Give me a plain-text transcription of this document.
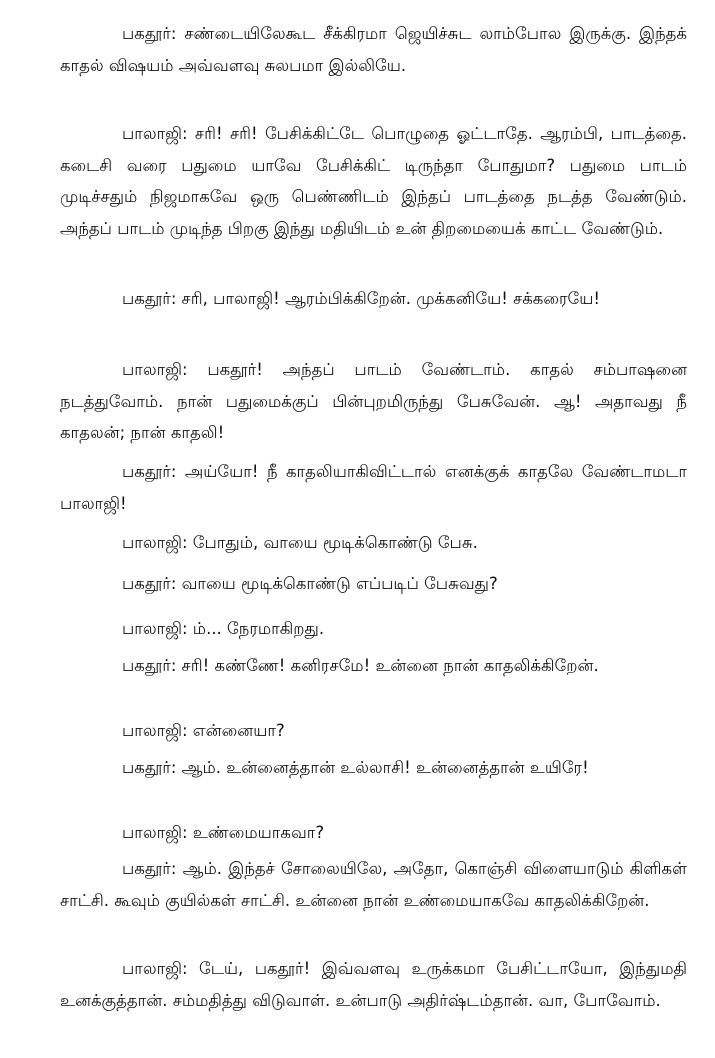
பகதூர்: சண்டையிலேகூட சீக்கிரமா ஜெயிச்சுட லாம்போல இருக்கு. இந்தக் காதல் விஷயம் அவ்வளவு சுலபமா இல்லியே.

பாலாஜி: சரி! சரி! பேசிக்கிட்டே பொழுதை ஓட்டாதே. ஆரம்பி, பாடத்தை. கடைசி வரை பதுமை யாவே பேசிக்கிட் டிருந்தா போதுமா? பதுமை பாடம் முடிச்சதும் நிஜமாகவே ஒரு பெண்ணிடம் இந்தப் பாடத்தை நடத்த வேண்டும். அந்தப் பாடம் முடிந்த பிறகு இந்து மதியிடம் உன் திறமையைக் காட்ட வேண்டும்.

பகதூர்: சரி, பாலாஜி! ஆரம்பிக்கிறேன். முக்கனியே! சக்கரையே!

பாலாஜி: பகதூர்! அந்தப் பாடம் வேண்டாம். காதல் சம்பாஷனை நடத்துவோம். நான் பதுமைக்குப் பின்புறமிருந்து பேசுவேன். ஆ! அதாவது நீ காதலன்; நான் காதலி!

பகதூர்: அய்யோ! நீ காதலியாகிவிட்டால் எனக்குக் காதலே வேண்டாமடா பாலாஜி!

பாலாஜி: போதும், வாயை மூடிக்கொண்டு பேசு.

பகதூர்: வாயை மூடிக்கொண்டு எப்படிப் பேசுவது?

பாலாஜி: ம்... நேரமாகிறது.

பகதூர்: சரி! கண்ணே! கனிரசமே! உன்னை நான் காதலிக்கிறேன்.

பாலாஜி: என்னையா?

பகதூர்: ஆம். உன்னைத்தான் உல்லாசி! உன்னைத்தான் உயிரே!

பாலாஜி: உண்மையாகவா?

பகதூர்: ஆம். இந்தச் சோலையிலே, அதோ, கொஞ்சி விளையாடும் கிளிகள் சாட்சி. கூவும் குயில்கள் சாட்சி. உன்னை நான் உண்மையாகவே காதலிக்கிறேன்.

பாலாஜி: டேய், பகதூர்! இவ்வளவு உருக்கமா பேசிட்டாயோ, இந்துமதி உனக்குத்தான். சம்மதித்து விடுவாள். உன்பாடு அதிர்ஷ்டம்தான். வா, போவோம்.
